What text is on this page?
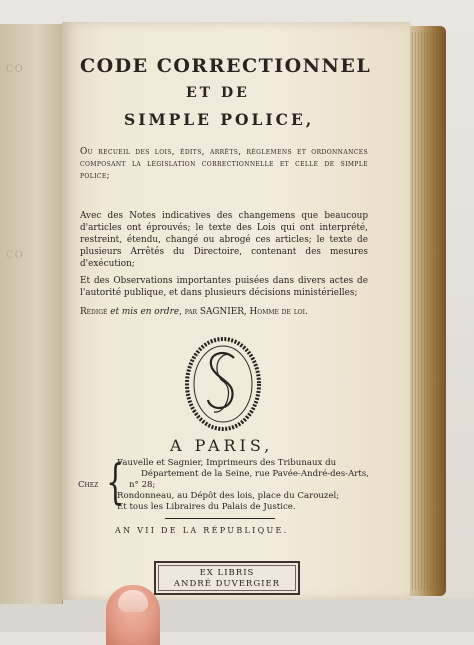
CO
CO
CODE CORRECTIONNEL
ET DE
SIMPLE POLICE,
Ou recueil des lois, édits, arrêts, règlemens et ordonnances composant la législation correctionnelle et celle de simple police;
Avec des Notes indicatives des changemens que beaucoup d'articles ont éprouvés; le texte des Lois qui ont interprété, restreint, étendu, changé ou abrogé ces articles; le texte de plusieurs Arrêtés du Directoire, contenant des mesures d'exécution;
Et des Observations importantes puisées dans divers actes de l'autorité publique, et dans plusieurs décisions ministérielles;
Rédigé et mis en ordre, par SAGNIER, Homme de loi.
A PARIS,
Chez {
Fauvelle et Sagnier, Imprimeurs des Tribunaux du
Département de la Seine, rue Pavée-André-des-Arts,
n° 28;
Rondonneau, au Dépôt des lois, place du Carouzel;
Et tous les Libraires du Palais de Justice.
AN VII DE LA RÉPUBLIQUE.
EX LIBRIS
ANDRÉ DUVERGIER
